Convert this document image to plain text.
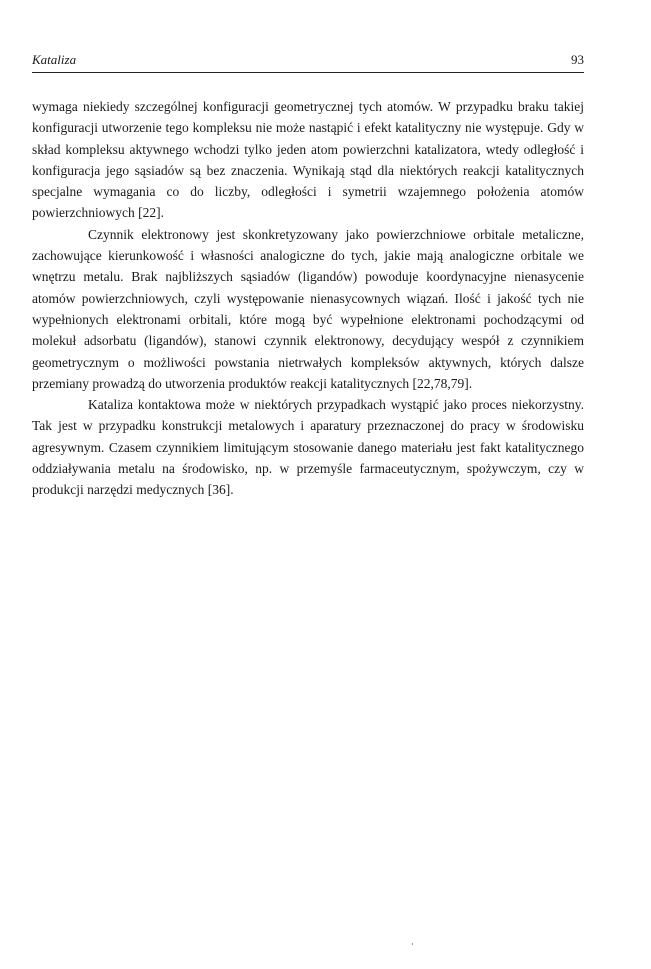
Kataliza	93

wymaga niekiedy szczególnej konfiguracji geometrycznej tych atomów. W przypadku braku takiej konfiguracji utworzenie tego kompleksu nie może nastąpić i efekt katalityczny nie występuje. Gdy w skład kompleksu aktywnego wchodzi tylko jeden atom powierzchni katalizatora, wtedy odległość i konfiguracja jego sąsiadów są bez znaczenia. Wynikają stąd dla niektórych reakcji katalitycznych specjalne wymagania co do liczby, odległości i symetrii wzajemnego położenia atomów powierzchniowych [22].

Czynnik elektronowy jest skonkretyzowany jako powierzchniowe orbitale metaliczne, zachowujące kierunkowość i własności analogiczne do tych, jakie mają analogiczne orbitale we wnętrzu metalu. Brak najbliższych sąsiadów (ligandów) powoduje koordynacyjne nienasycenie atomów powierzchniowych, czyli występowanie nienasycownych wiązań. Ilość i jakość tych nie wypełnionych elektronami orbitali, które mogą być wypełnione elektronami pochodzącymi od molekuł adsorbatu (ligandów), stanowi czynnik elektronowy, decydujący wespół z czynnikiem geometrycznym o możliwości powstania nietrwałych kompleksów aktywnych, których dalsze przemiany prowadzą do utworzenia produktów reakcji katalitycznych [22,78,79].

Kataliza kontaktowa może w niektórych przypadkach wystąpić jako proces niekorzystny. Tak jest w przypadku konstrukcji metalowych i aparatury przeznaczonej do pracy w środowisku agresywnym. Czasem czynnikiem limitującym stosowanie danego materiału jest fakt katalitycznego oddziaływania metalu na środowisko, np. w przemyśle farmaceutycznym, spożywczym, czy w produkcji narzędzi medycznych [36].
